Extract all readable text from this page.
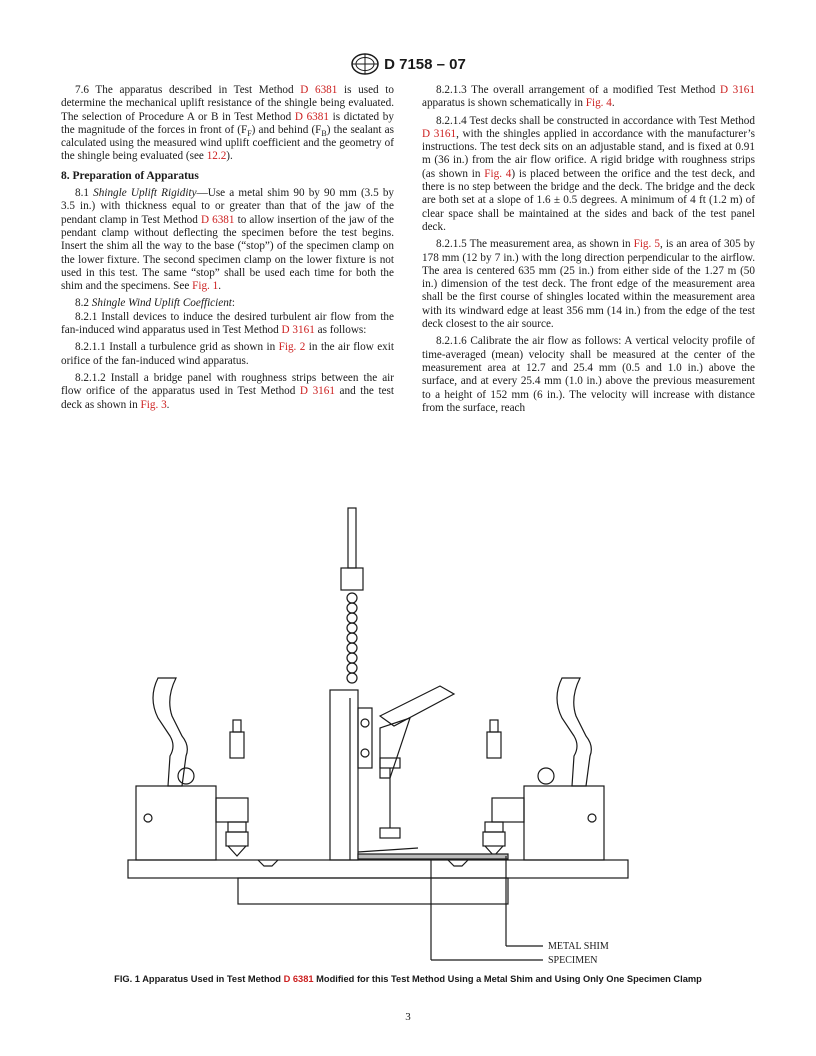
D 7158 – 07

7.6 The apparatus described in Test Method D 6381 is used to determine the mechanical uplift resistance of the shingle being evaluated. The selection of Procedure A or B in Test Method D 6381 is dictated by the magnitude of the forces in front of $(F_F)$ and behind $(F_B)$ the sealant as calculated using the measured wind uplift coefficient and the geometry of the shingle being evaluated (see 12.2).

8. Preparation of Apparatus

8.1 Shingle Uplift Rigidity—Use a metal shim 90 by 90 mm (3.5 by 3.5 in.) with thickness equal to or greater than that of the jaw of the pendant clamp in Test Method D 6381 to allow insertion of the jaw of the pendant clamp without deflecting the specimen before the test begins. Insert the shim all the way to the base (“stop”) of the specimen clamp on the lower fixture. The second specimen clamp on the lower fixture is not used in this test. The same “stop” shall be used each time for both the shim and the specimens. See Fig. 1.

8.2 Shingle Wind Uplift Coefficient:

8.2.1 Install devices to induce the desired turbulent air flow from the fan-induced wind apparatus used in Test Method D 3161 as follows:

8.2.1.1 Install a turbulence grid as shown in Fig. 2 in the air flow exit orifice of the fan-induced wind apparatus.

8.2.1.2 Install a bridge panel with roughness strips between the air flow orifice of the apparatus used in Test Method D 3161 and the test deck as shown in Fig. 3.

8.2.1.3 The overall arrangement of a modified Test Method D 3161 apparatus is shown schematically in Fig. 4.

8.2.1.4 Test decks shall be constructed in accordance with Test Method D 3161, with the shingles applied in accordance with the manufacturer’s instructions. The test deck sits on an adjustable stand, and is fixed at 0.91 m (36 in.) from the air flow orifice. A rigid bridge with roughness strips (as shown in Fig. 4) is placed between the orifice and the test deck, and there is no step between the bridge and the deck. The bridge and the deck are both set at a slope of 1.6 ± 0.5 degrees. A minimum of 4 ft (1.2 m) of clear space shall be maintained at the sides and back of the test panel deck.

8.2.1.5 The measurement area, as shown in Fig. 5, is an area of 305 by 178 mm (12 by 7 in.) with the long direction perpendicular to the airflow. The area is centered 635 mm (25 in.) from either side of the 1.27 m (50 in.) dimension of the test deck. The front edge of the measurement area shall be the first course of shingles located within the measurement area with its windward edge at least 356 mm (14 in.) from the edge of the test deck closest to the air source.

8.2.1.6 Calibrate the air flow as follows: A vertical velocity profile of time-averaged (mean) velocity shall be measured at the center of the measurement area at 12.7 and 25.4 mm (0.5 and 1.0 in.) above the surface, and at every 25.4 mm (1.0 in.) above the previous measurement to a height of 152 mm (6 in.). The velocity will increase with distance from the surface, reach

METAL SHIM
SPECIMEN
FIG. 1 Apparatus Used in Test Method D 6381 Modified for this Test Method Using a Metal Shim and Using Only One Specimen Clamp
3
